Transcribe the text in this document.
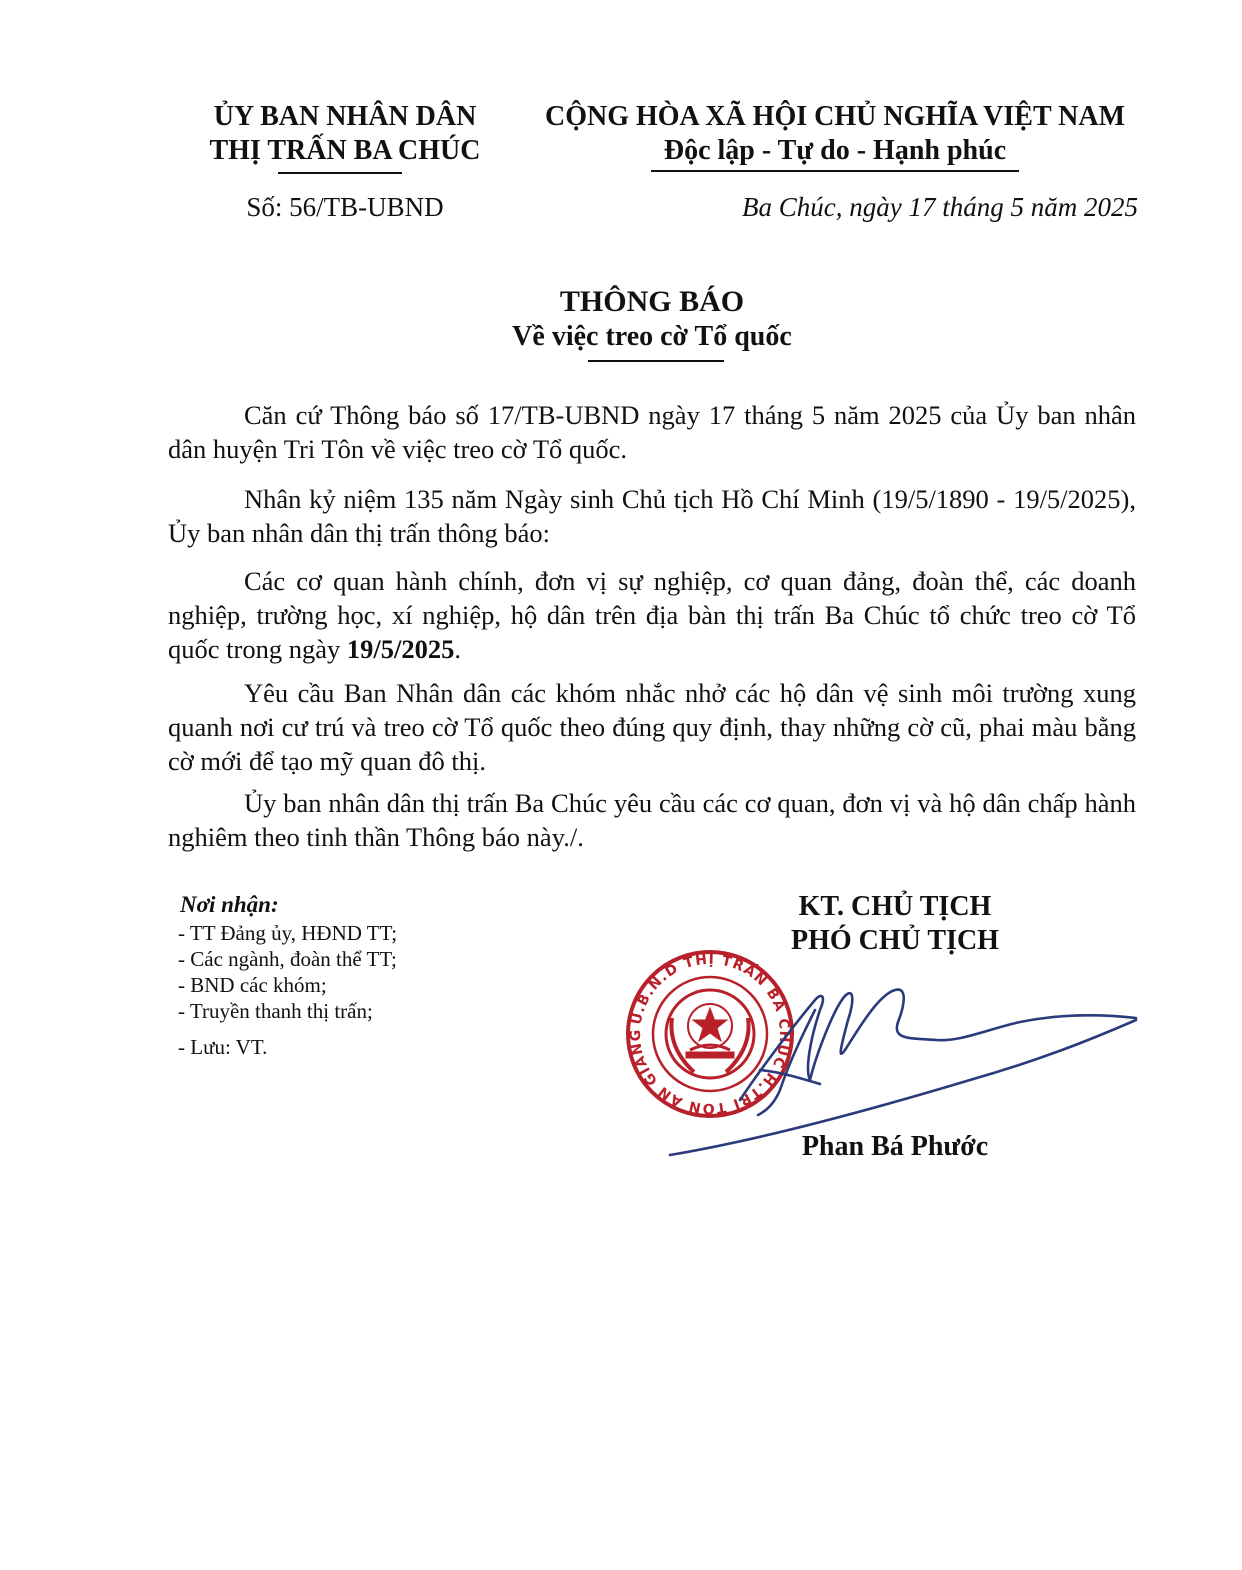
ỦY BAN NHÂN DÂN
THỊ TRẤN BA CHÚC
CỘNG HÒA XÃ HỘI CHỦ NGHĨA VIỆT NAM
Độc lập - Tự do - Hạnh phúc
Số: 56/TB-UBND	Ba Chúc, ngày 17 tháng 5 năm 2025
THÔNG BÁO
Về việc treo cờ Tổ quốc
Căn cứ Thông báo số 17/TB-UBND ngày 17 tháng 5 năm 2025 của Ủy ban nhân dân huyện Tri Tôn về việc treo cờ Tổ quốc.
Nhân kỷ niệm 135 năm Ngày sinh Chủ tịch Hồ Chí Minh (19/5/1890 - 19/5/2025), Ủy ban nhân dân thị trấn thông báo:
Các cơ quan hành chính, đơn vị sự nghiệp, cơ quan đảng, đoàn thể, các doanh nghiệp, trường học, xí nghiệp, hộ dân trên địa bàn thị trấn Ba Chúc tổ chức treo cờ Tổ quốc trong ngày 19/5/2025.
Yêu cầu Ban Nhân dân các khóm nhắc nhở các hộ dân vệ sinh môi trường xung quanh nơi cư trú và treo cờ Tổ quốc theo đúng quy định, thay những cờ cũ, phai màu bằng cờ mới để tạo mỹ quan đô thị.
Ủy ban nhân dân thị trấn Ba Chúc yêu cầu các cơ quan, đơn vị và hộ dân chấp hành nghiêm theo tinh thần Thông báo này./.
Nơi nhận:
- TT Đảng ủy, HĐND TT;
- Các ngành, đoàn thể TT;
- BND các khóm;
- Truyền thanh thị trấn;
- Lưu: VT.
KT. CHỦ TỊCH
PHÓ CHỦ TỊCH
U.B.N.D THỊ TRẤN BA CHÚC H.TRI TÔN AN GIANG
Phan Bá Phước
